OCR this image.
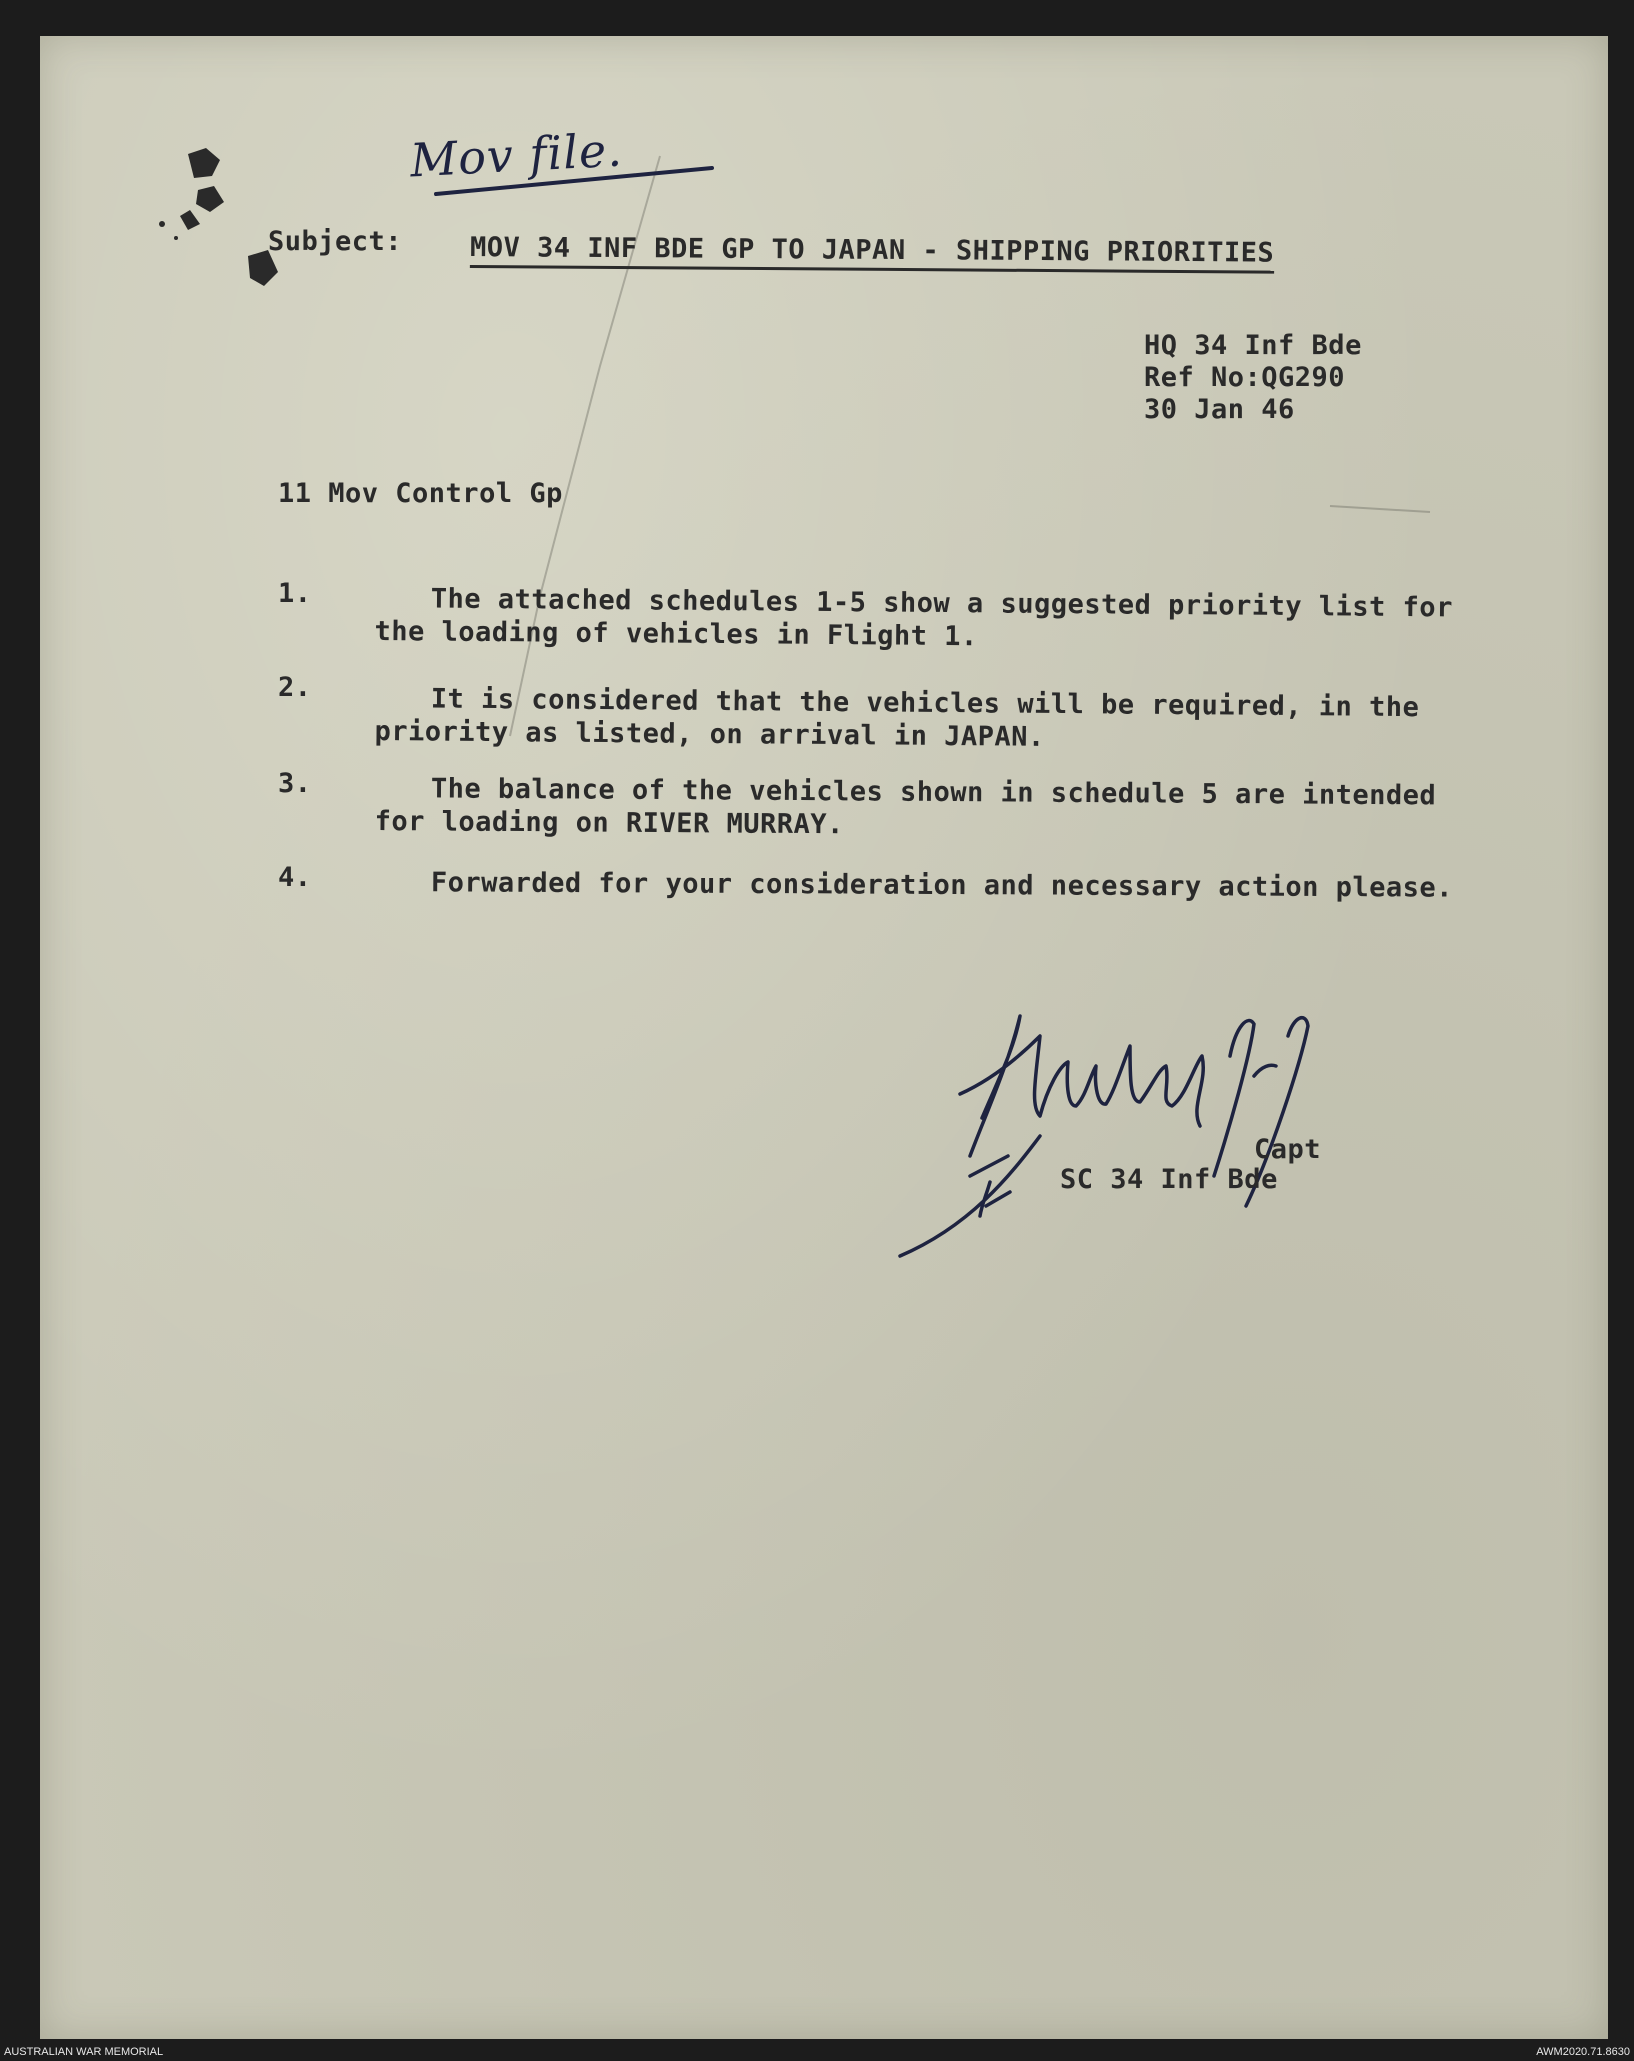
Mov file.
Subject:	MOV 34 INF BDE GP TO JAPAN - SHIPPING PRIORITIES
HQ 34 Inf Bde
Ref No:QG290
30 Jan 46
11 Mov Control Gp
1.	The attached schedules 1-5 show a suggested priority list for the loading of vehicles in Flight 1.
2.	It is considered that the vehicles will be required, in the priority as listed, on arrival in JAPAN.
3.	The balance of the vehicles shown in schedule 5 are intended for loading on RIVER MURRAY.
4.	Forwarded for your consideration and necessary action please.
Capt
SC 34 Inf Bde
AUSTRALIAN WAR MEMORIAL	AWM2020.71.8630
